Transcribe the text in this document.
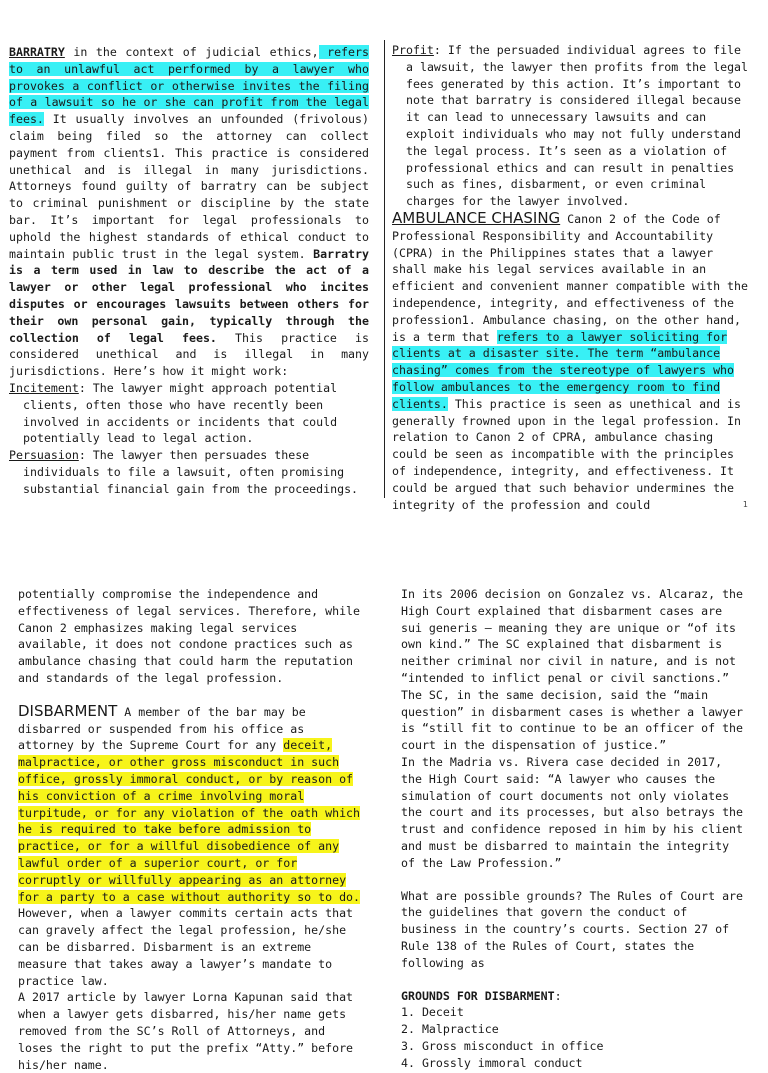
BARRATRY in the context of judicial ethics, refers to an unlawful act performed by a lawyer who provokes a conflict or otherwise invites the filing of a lawsuit so he or she can profit from the legal fees. It usually involves an unfounded (frivolous) claim being filed so the attorney can collect payment from clients1. This practice is considered unethical and is illegal in many jurisdictions. Attorneys found guilty of barratry can be subject to criminal punishment or discipline by the state bar. It’s important for legal professionals to uphold the highest standards of ethical conduct to maintain public trust in the legal system. Barratry is a term used in law to describe the act of a lawyer or other legal professional who incites disputes or encourages lawsuits between others for their own personal gain, typically through the collection of legal fees. This practice is considered unethical and is illegal in many jurisdictions. Here’s how it might work:

Incitement: The lawyer might approach potential clients, often those who have recently been involved in accidents or incidents that could potentially lead to legal action.

Persuasion: The lawyer then persuades these individuals to file a lawsuit, often promising substantial financial gain from the proceedings.

Profit: If the persuaded individual agrees to file a lawsuit, the lawyer then profits from the legal fees generated by this action. It’s important to note that barratry is considered illegal because it can lead to unnecessary lawsuits and can exploit individuals who may not fully understand the legal process. It’s seen as a violation of professional ethics and can result in penalties such as fines, disbarment, or even criminal charges for the lawyer involved.

AMBULANCE CHASING Canon 2 of the Code of Professional Responsibility and Accountability (CPRA) in the Philippines states that a lawyer shall make his legal services available in an efficient and convenient manner compatible with the independence, integrity, and effectiveness of the profession1. Ambulance chasing, on the other hand, is a term that refers to a lawyer soliciting for clients at a disaster site. The term “ambulance chasing” comes from the stereotype of lawyers who follow ambulances to the emergency room to find clients. This practice is seen as unethical and is generally frowned upon in the legal profession. In relation to Canon 2 of CPRA, ambulance chasing could be seen as incompatible with the principles of independence, integrity, and effectiveness. It could be argued that such behavior undermines the integrity of the profession and could	1

potentially compromise the independence and effectiveness of legal services. Therefore, while Canon 2 emphasizes making legal services available, it does not condone practices such as ambulance chasing that could harm the reputation and standards of the legal profession.

DISBARMENT A member of the bar may be disbarred or suspended from his office as attorney by the Supreme Court for any deceit, malpractice, or other gross misconduct in such office, grossly immoral conduct, or by reason of his conviction of a crime involving moral turpitude, or for any violation of the oath which he is required to take before admission to practice, or for a willful disobedience of any lawful order of a superior court, or for corruptly or willfully appearing as an attorney for a party to a case without authority so to do.

However, when a lawyer commits certain acts that can gravely affect the legal profession, he/she can be disbarred. Disbarment is an extreme measure that takes away a lawyer’s mandate to practice law.

A 2017 article by lawyer Lorna Kapunan said that when a lawyer gets disbarred, his/her name gets removed from the SC’s Roll of Attorneys, and loses the right to put the prefix “Atty.” before his/her name.

In its 2006 decision on Gonzalez vs. Alcaraz, the High Court explained that disbarment cases are sui generis – meaning they are unique or “of its own kind.” The SC explained that disbarment is neither criminal nor civil in nature, and is not “intended to inflict penal or civil sanctions.”

The SC, in the same decision, said the “main question” in disbarment cases is whether a lawyer is “still fit to continue to be an officer of the court in the dispensation of justice.”

In the Madria vs. Rivera case decided in 2017, the High Court said: “A lawyer who causes the simulation of court documents not only violates the court and its processes, but also betrays the trust and confidence reposed in him by his client and must be disbarred to maintain the integrity of the Law Profession.”

What are possible grounds? The Rules of Court are the guidelines that govern the conduct of business in the country’s courts. Section 27 of Rule 138 of the Rules of Court, states the following as

GROUNDS FOR DISBARMENT:

1. Deceit
2. Malpractice
3. Gross misconduct in office
4. Grossly immoral conduct
